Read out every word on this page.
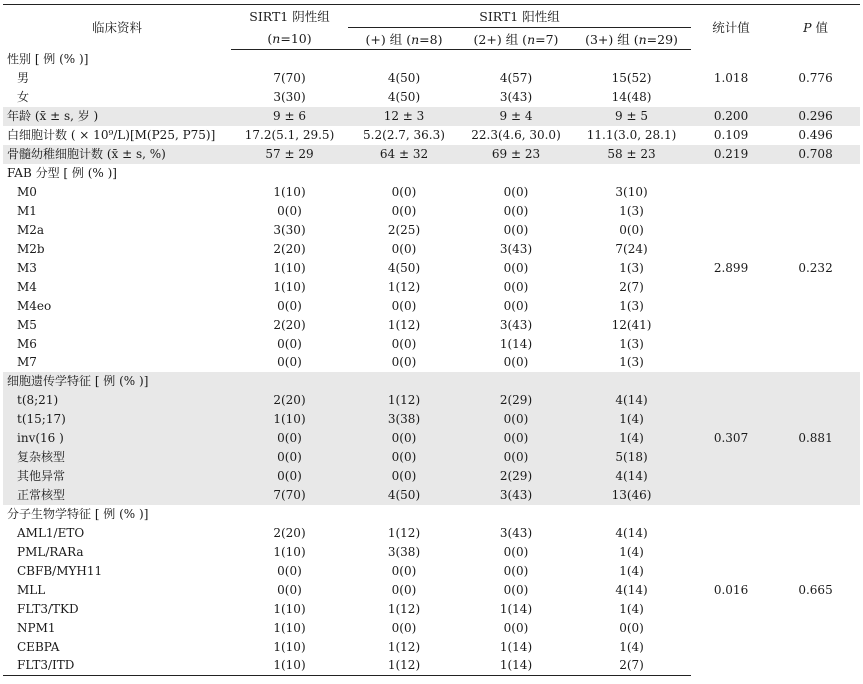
临床资料	SIRT1 阴性组	SIRT1 阳性组			统计值	P 值
	(n=10)	(+) 组 (n=8)	(2+) 组 (n=7)	(3+) 组 (n=29)		
性别 [ 例 (% )]					1.018	0.776
男	7(70)	4(50)	4(57)	15(52)		
女	3(30)	4(50)	3(43)	14(48)		
年龄 (x̄ ± s, 岁 )	9 ± 6	12 ± 3	9 ± 4	9 ± 5	0.200	0.296
白细胞计数 ( × 10⁹/L)[M(P25, P75)]	17.2(5.1, 29.5)	5.2(2.7, 36.3)	22.3(4.6, 30.0)	11.1(3.0, 28.1)	0.109	0.496
骨髓幼稚细胞计数 (x̄ ± s, %)	57 ± 29	64 ± 32	69 ± 23	58 ± 23	0.219	0.708
FAB 分型 [ 例 (% )]					2.899	0.232
M0	1(10)	0(0)	0(0)	3(10)		
M1	0(0)	0(0)	0(0)	1(3)		
M2a	3(30)	2(25)	0(0)	0(0)		
M2b	2(20)	0(0)	3(43)	7(24)		
M3	1(10)	4(50)	0(0)	1(3)		
M4	1(10)	1(12)	0(0)	2(7)		
M4eo	0(0)	0(0)	0(0)	1(3)		
M5	2(20)	1(12)	3(43)	12(41)		
M6	0(0)	0(0)	1(14)	1(3)		
M7	0(0)	0(0)	0(0)	1(3)		
细胞遗传学特征 [ 例 (% )]					0.307	0.881
t(8;21)	2(20)	1(12)	2(29)	4(14)		
t(15;17)	1(10)	3(38)	0(0)	1(4)		
inv(16 )	0(0)	0(0)	0(0)	1(4)		
复杂核型	0(0)	0(0)	0(0)	5(18)		
其他异常	0(0)	0(0)	2(29)	4(14)		
正常核型	7(70)	4(50)	3(43)	13(46)		
分子生物学特征 [ 例 (% )]					0.016	0.665
AML1/ETO	2(20)	1(12)	3(43)	4(14)		
PML/RARa	1(10)	3(38)	0(0)	1(4)		
CBFB/MYH11	0(0)	0(0)	0(0)	1(4)		
MLL	0(0)	0(0)	0(0)	4(14)		
FLT3/TKD	1(10)	1(12)	1(14)	1(4)		
NPM1	1(10)	0(0)	0(0)	0(0)		
CEBPA	1(10)	1(12)	1(14)	1(4)		
FLT3/ITD	1(10)	1(12)	1(14)	2(7)		
